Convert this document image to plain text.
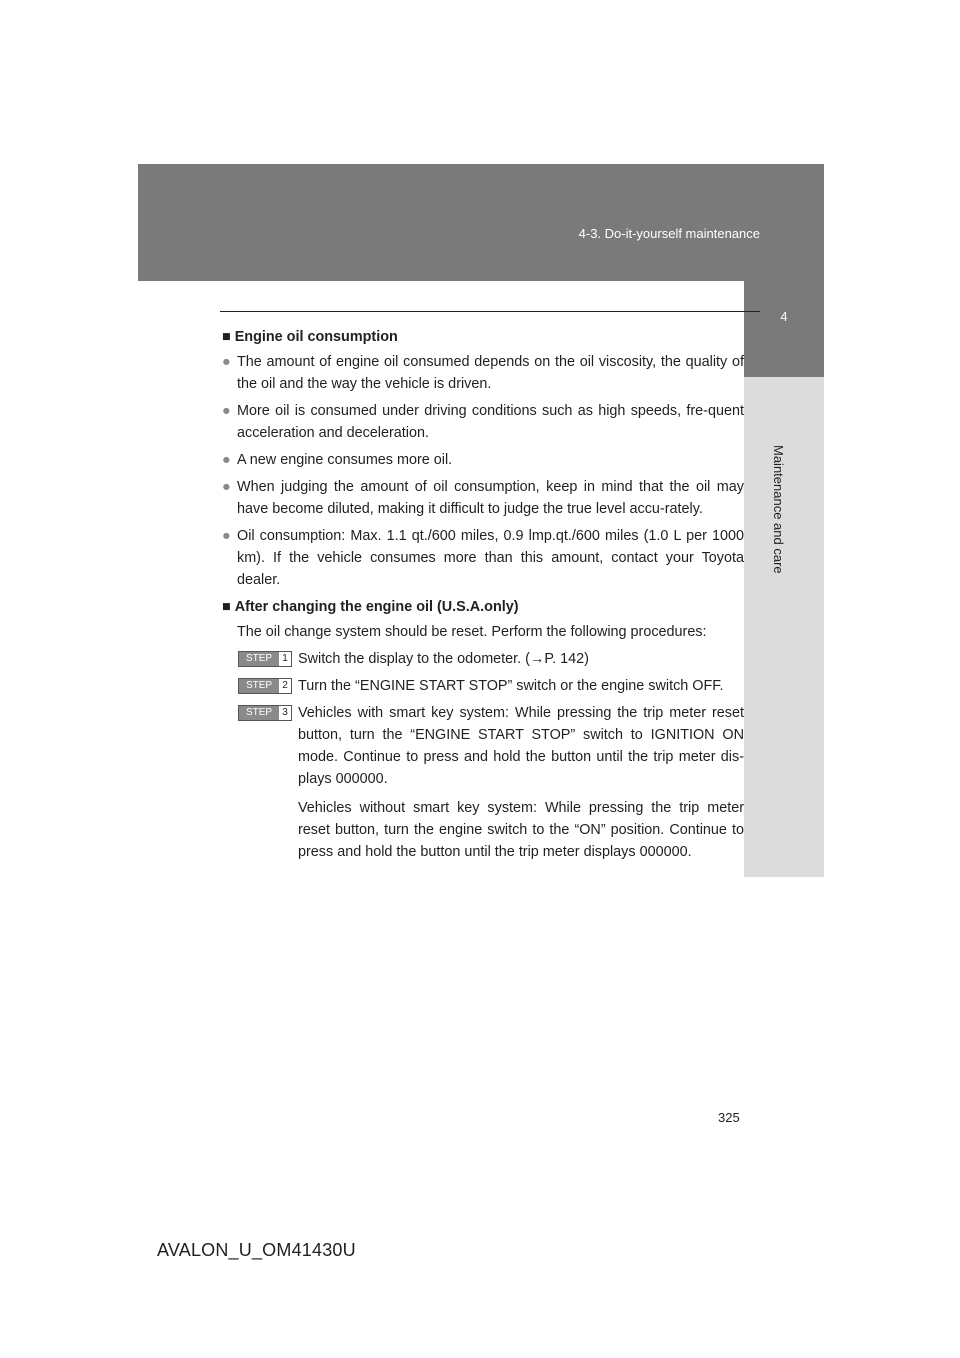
4-3. Do-it-yourself maintenance
4
Maintenance and care
■ Engine oil consumption
● The amount of engine oil consumed depends on the oil viscosity, the quality of the oil and the way the vehicle is driven.
● More oil is consumed under driving conditions such as high speeds, fre-quent acceleration and deceleration.
● A new engine consumes more oil.
● When judging the amount of oil consumption, keep in mind that the oil may have become diluted, making it difficult to judge the true level accu-rately.
● Oil consumption: Max. 1.1 qt./600 miles, 0.9 lmp.qt./600 miles (1.0 L per 1000 km). If the vehicle consumes more than this amount, contact your Toyota dealer.
■ After changing the engine oil (U.S.A.only)
The oil change system should be reset. Perform the following procedures:
STEP	1 Switch the display to the odometer. (→P. 142)
STEP	2 Turn the “ENGINE START STOP” switch or the engine switch OFF.
STEP	3 Vehicles with smart key system: While pressing the trip meter reset button, turn the “ENGINE START STOP” switch to IGNITION ON mode. Continue to press and hold the button until the trip meter dis-plays 000000.
Vehicles without smart key system: While pressing the trip meter reset button, turn the engine switch to the “ON” position. Continue to press and hold the button until the trip meter displays 000000.
325
AVALON_U_OM41430U
